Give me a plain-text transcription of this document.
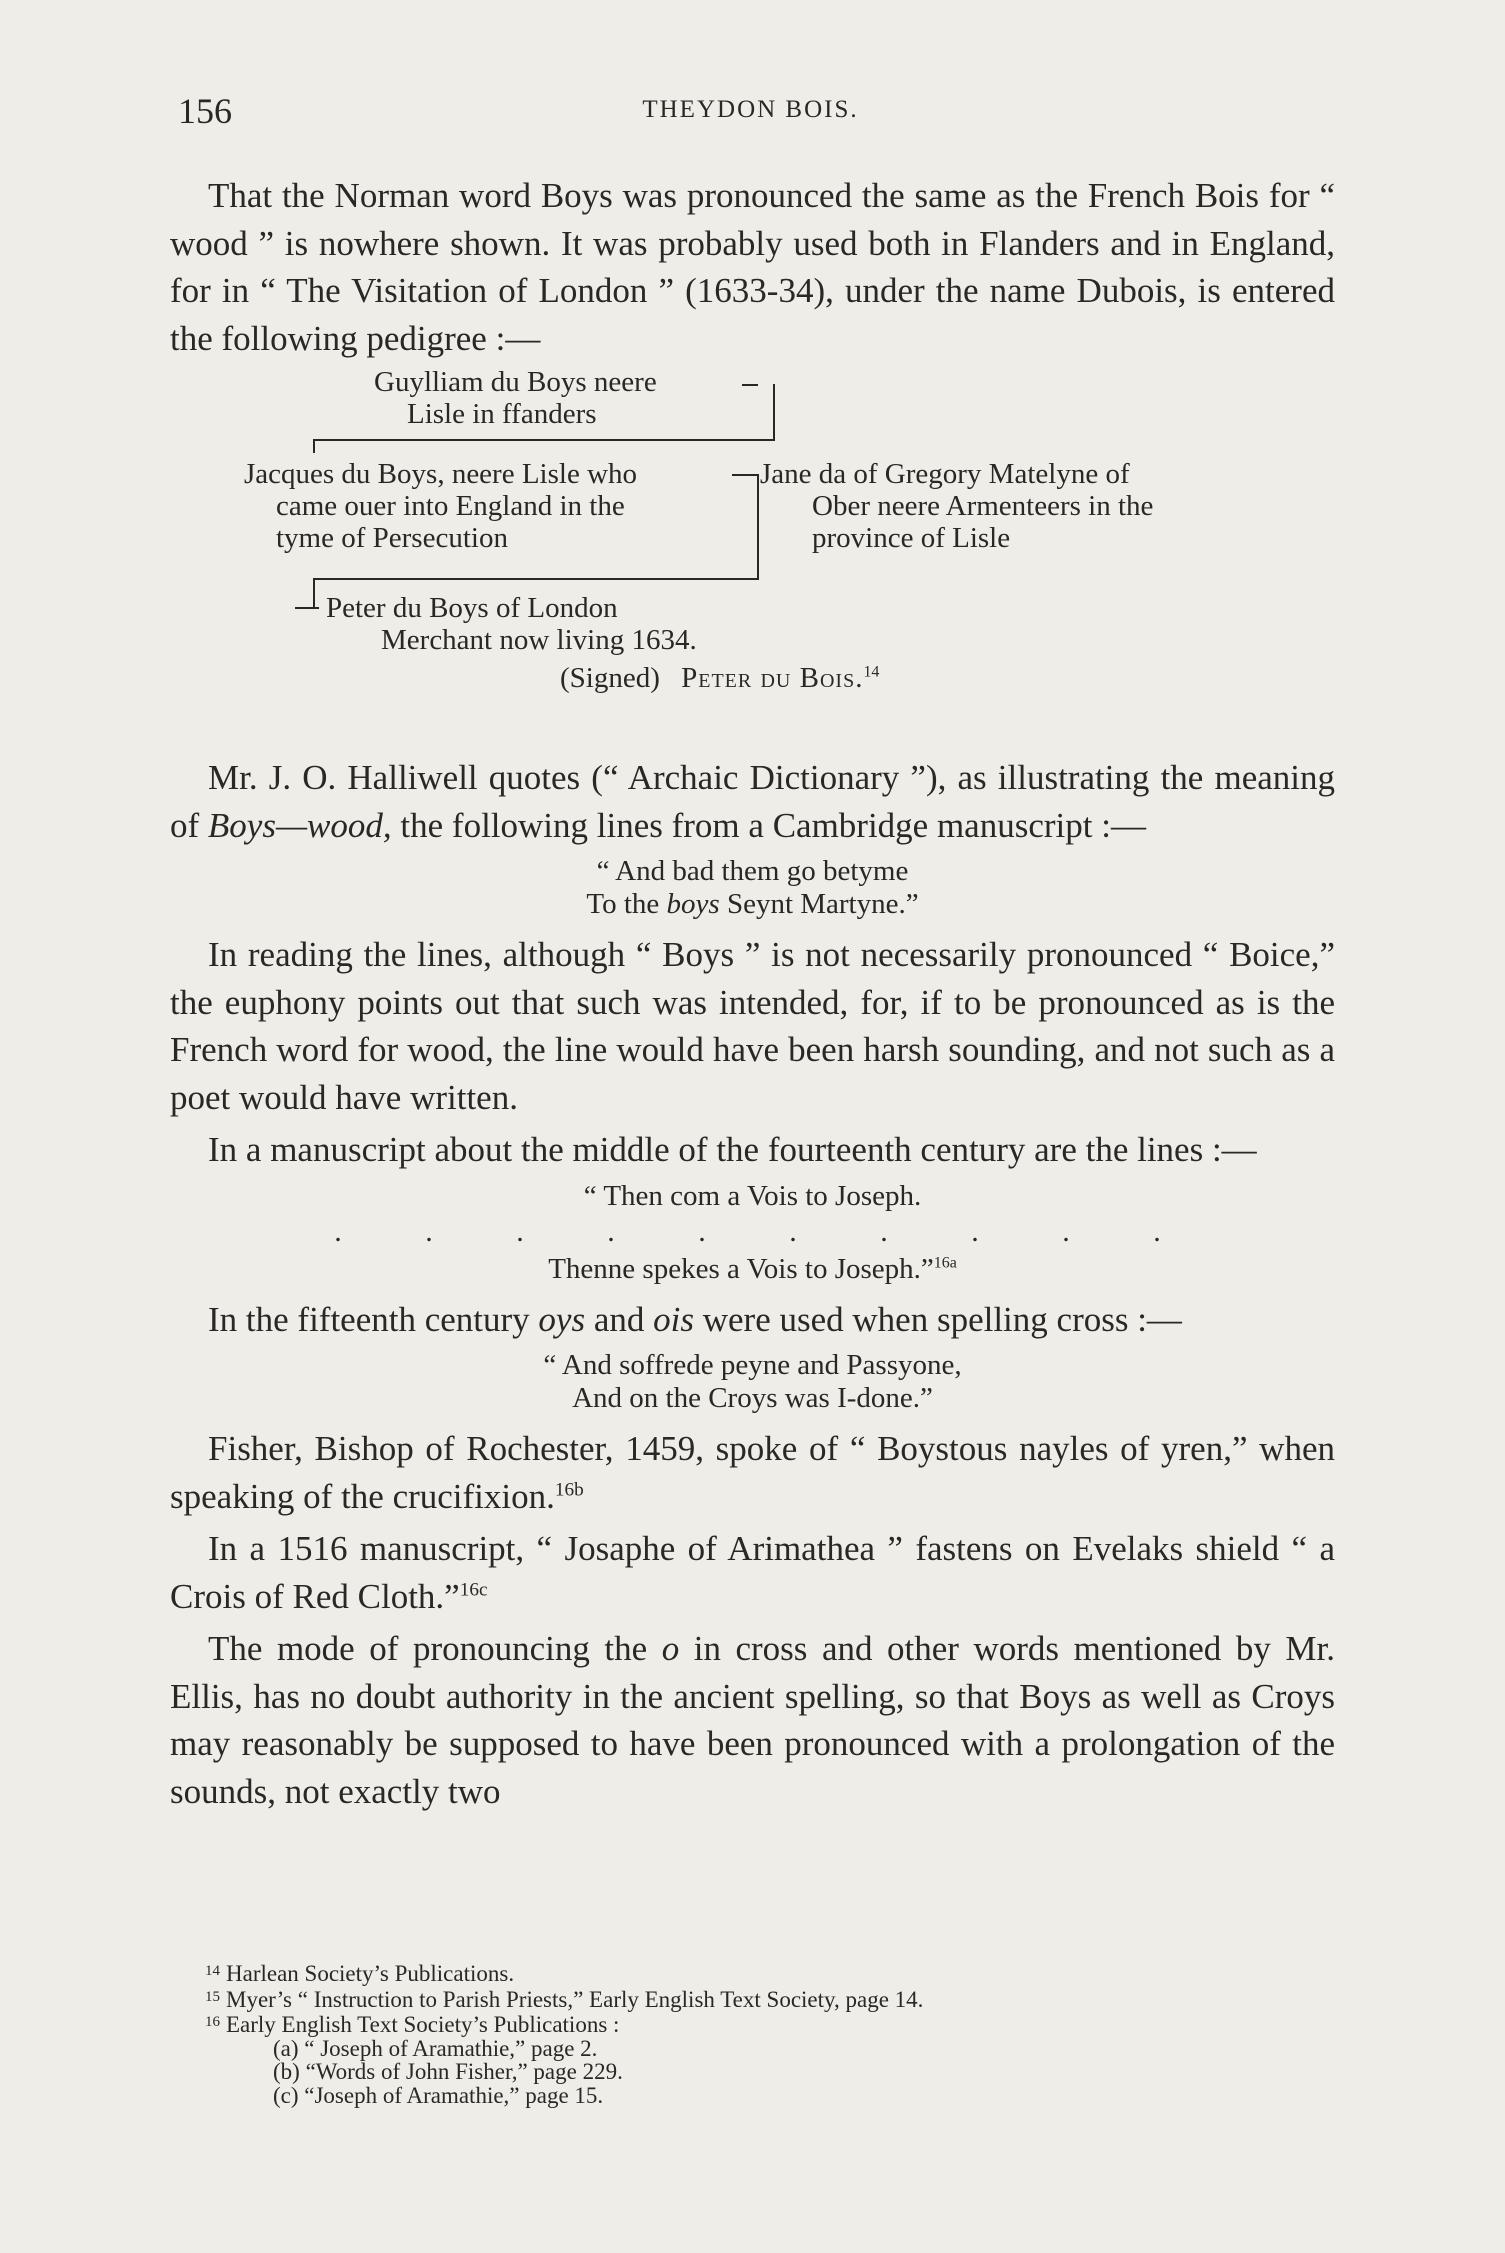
156	THEYDON BOIS.

That the Norman word Boys was pronounced the same as the French Bois for “ wood ” is nowhere shown. It was probably used both in Flanders and in England, for in “ The Visitation of London ” (1633-34), under the name Dubois, is entered the following pedigree :—

Guylliam du Boys neere
Lisle in ffanders
Jacques du Boys, neere Lisle who
came ouer into England in the
tyme of Persecution
Jane da of Gregory Matelyne of
Ober neere Armenteers in the
province of Lisle
Peter du Boys of London
Merchant now living 1634.
(Signed) Peter du Bois.$^{14}$

Mr. J. O. Halliwell quotes (“ Archaic Dictionary ”), as illustrating the meaning of Boys—wood, the following lines from a Cambridge manuscript :—

“ And bad them go betyme
To the boys Seynt Martyne.”

In reading the lines, although “ Boys ” is not necessarily pronounced “ Boice,” the euphony points out that such was intended, for, if to be pronounced as is the French word for wood, the line would have been harsh sounding, and not such as a poet would have written.

In a manuscript about the middle of the fourteenth century are the lines :—

“ Then com a Vois to Joseph.
. . . . . . . . . .
Thenne spekes a Vois to Joseph.”$^{16a}$

In the fifteenth century oys and ois were used when spelling cross :—

“ And soffrede peyne and Passyone,
And on the Croys was I-done.”

Fisher, Bishop of Rochester, 1459, spoke of “ Boystous nayles of yren,” when speaking of the crucifixion.$^{16b}$

In a 1516 manuscript, “ Josaphe of Arimathea ” fastens on Evelaks shield “ a Crois of Red Cloth.”$^{16c}$

The mode of pronouncing the o in cross and other words mentioned by Mr. Ellis, has no doubt authority in the ancient spelling, so that Boys as well as Croys may reasonably be supposed to have been pronounced with a prolongation of the sounds, not exactly two

$^{14}$ Harlean Society’s Publications.
$^{15}$ Myer’s “ Instruction to Parish Priests,” Early English Text Society, page 14.
$^{16}$ Early English Text Society’s Publications :
(a) “ Joseph of Aramathie,” page 2.
(b) “Words of John Fisher,” page 229.
(c) “Joseph of Aramathie,” page 15.
